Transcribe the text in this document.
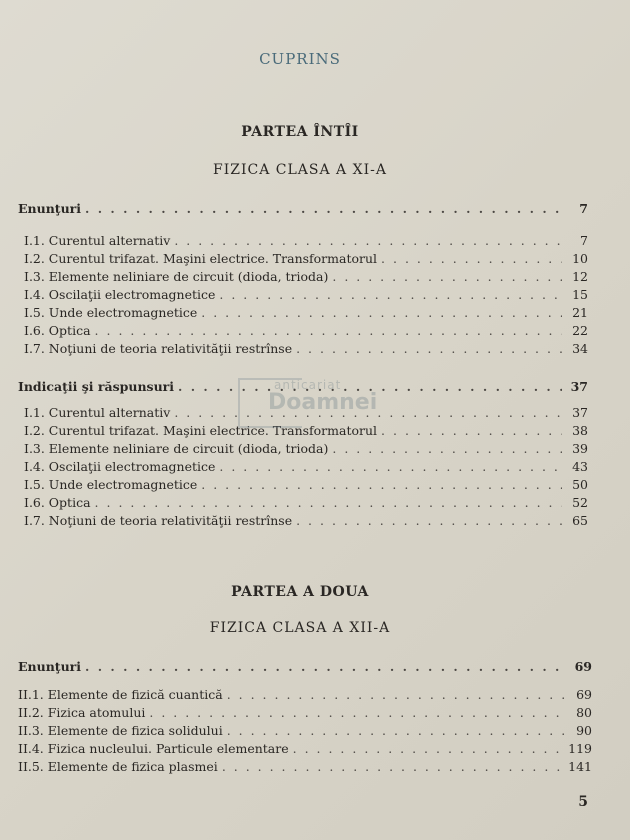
CUPRINS
PARTEA ÎNTÎI
FIZICA CLASA A XI-A
Enunţuri . . .	7
I.1. Curentul alternativ . . .	7
I.2. Curentul trifazat. Maşini electrice. Transformatorul . . .	10
I.3. Elemente neliniare de circuit (dioda, trioda) . . .	12
I.4. Oscilaţii electromagnetice . . .	15
I.5. Unde electromagnetice . . .	21
I.6. Optica . . .	22
I.7. Noţiuni de teoria relativităţii restrînse . . .	34
Indicaţii şi răspunsuri . . .	37
I.1. Curentul alternativ . . .	37
I.2. Curentul trifazat. Maşini electrice. Transformatorul . . .	38
I.3. Elemente neliniare de circuit (dioda, trioda) . . .	39
I.4. Oscilaţii electromagnetice . . .	43
I.5. Unde electromagnetice . . .	50
I.6. Optica . . .	52
I.7. Noţiuni de teoria relativităţii restrînse . . .	65
PARTEA A DOUA
FIZICA CLASA A XII-A
Enunţuri . . .	69
II.1. Elemente de fizică cuantică . . .	69
II.2. Fizica atomului . . .	80
II.3. Elemente de fizica solidului . . .	90
II.4. Fizica nucleului. Particule elementare . . .	119
II.5. Elemente de fizica plasmei . . .	141
anticariat
Doamnei
5
